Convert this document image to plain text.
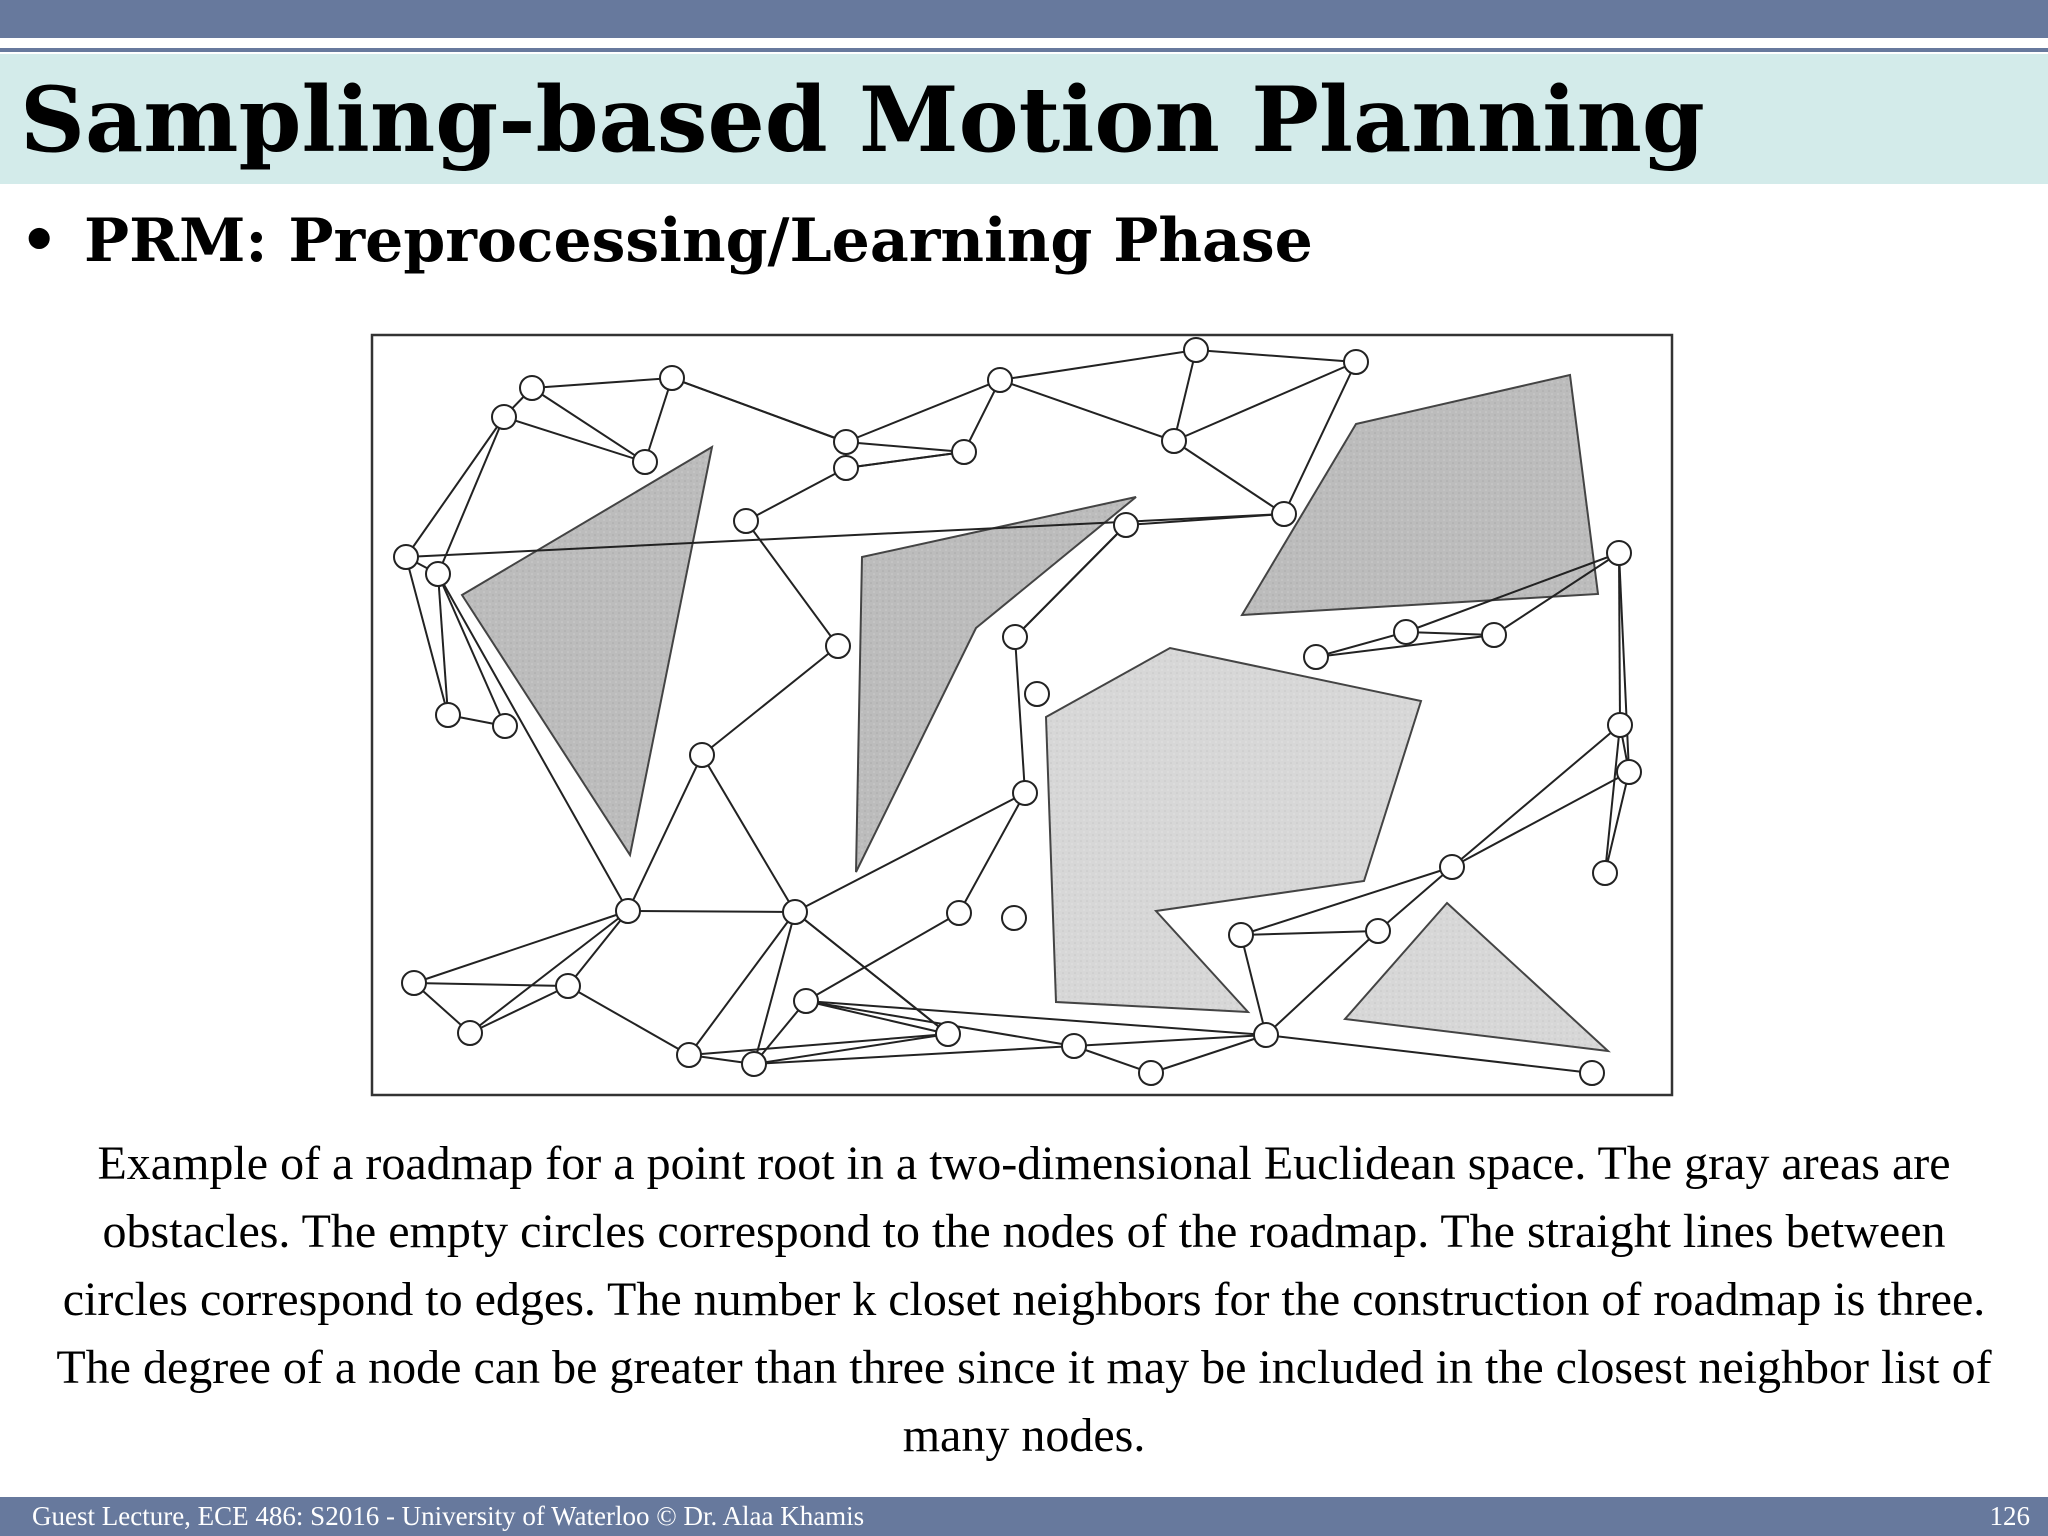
Sampling-based Motion Planning
• PRM: Preprocessing/Learning Phase
Example of a roadmap for a point root in a two-dimensional Euclidean space. The gray areas are obstacles. The empty circles correspond to the nodes of the roadmap. The straight lines between circles correspond to edges. The number k closet neighbors for the construction of roadmap is three. The degree of a node can be greater than three since it may be included in the closest neighbor list of many nodes.
Guest Lecture, ECE 486: S2016 - University of Waterloo © Dr. Alaa Khamis	126
